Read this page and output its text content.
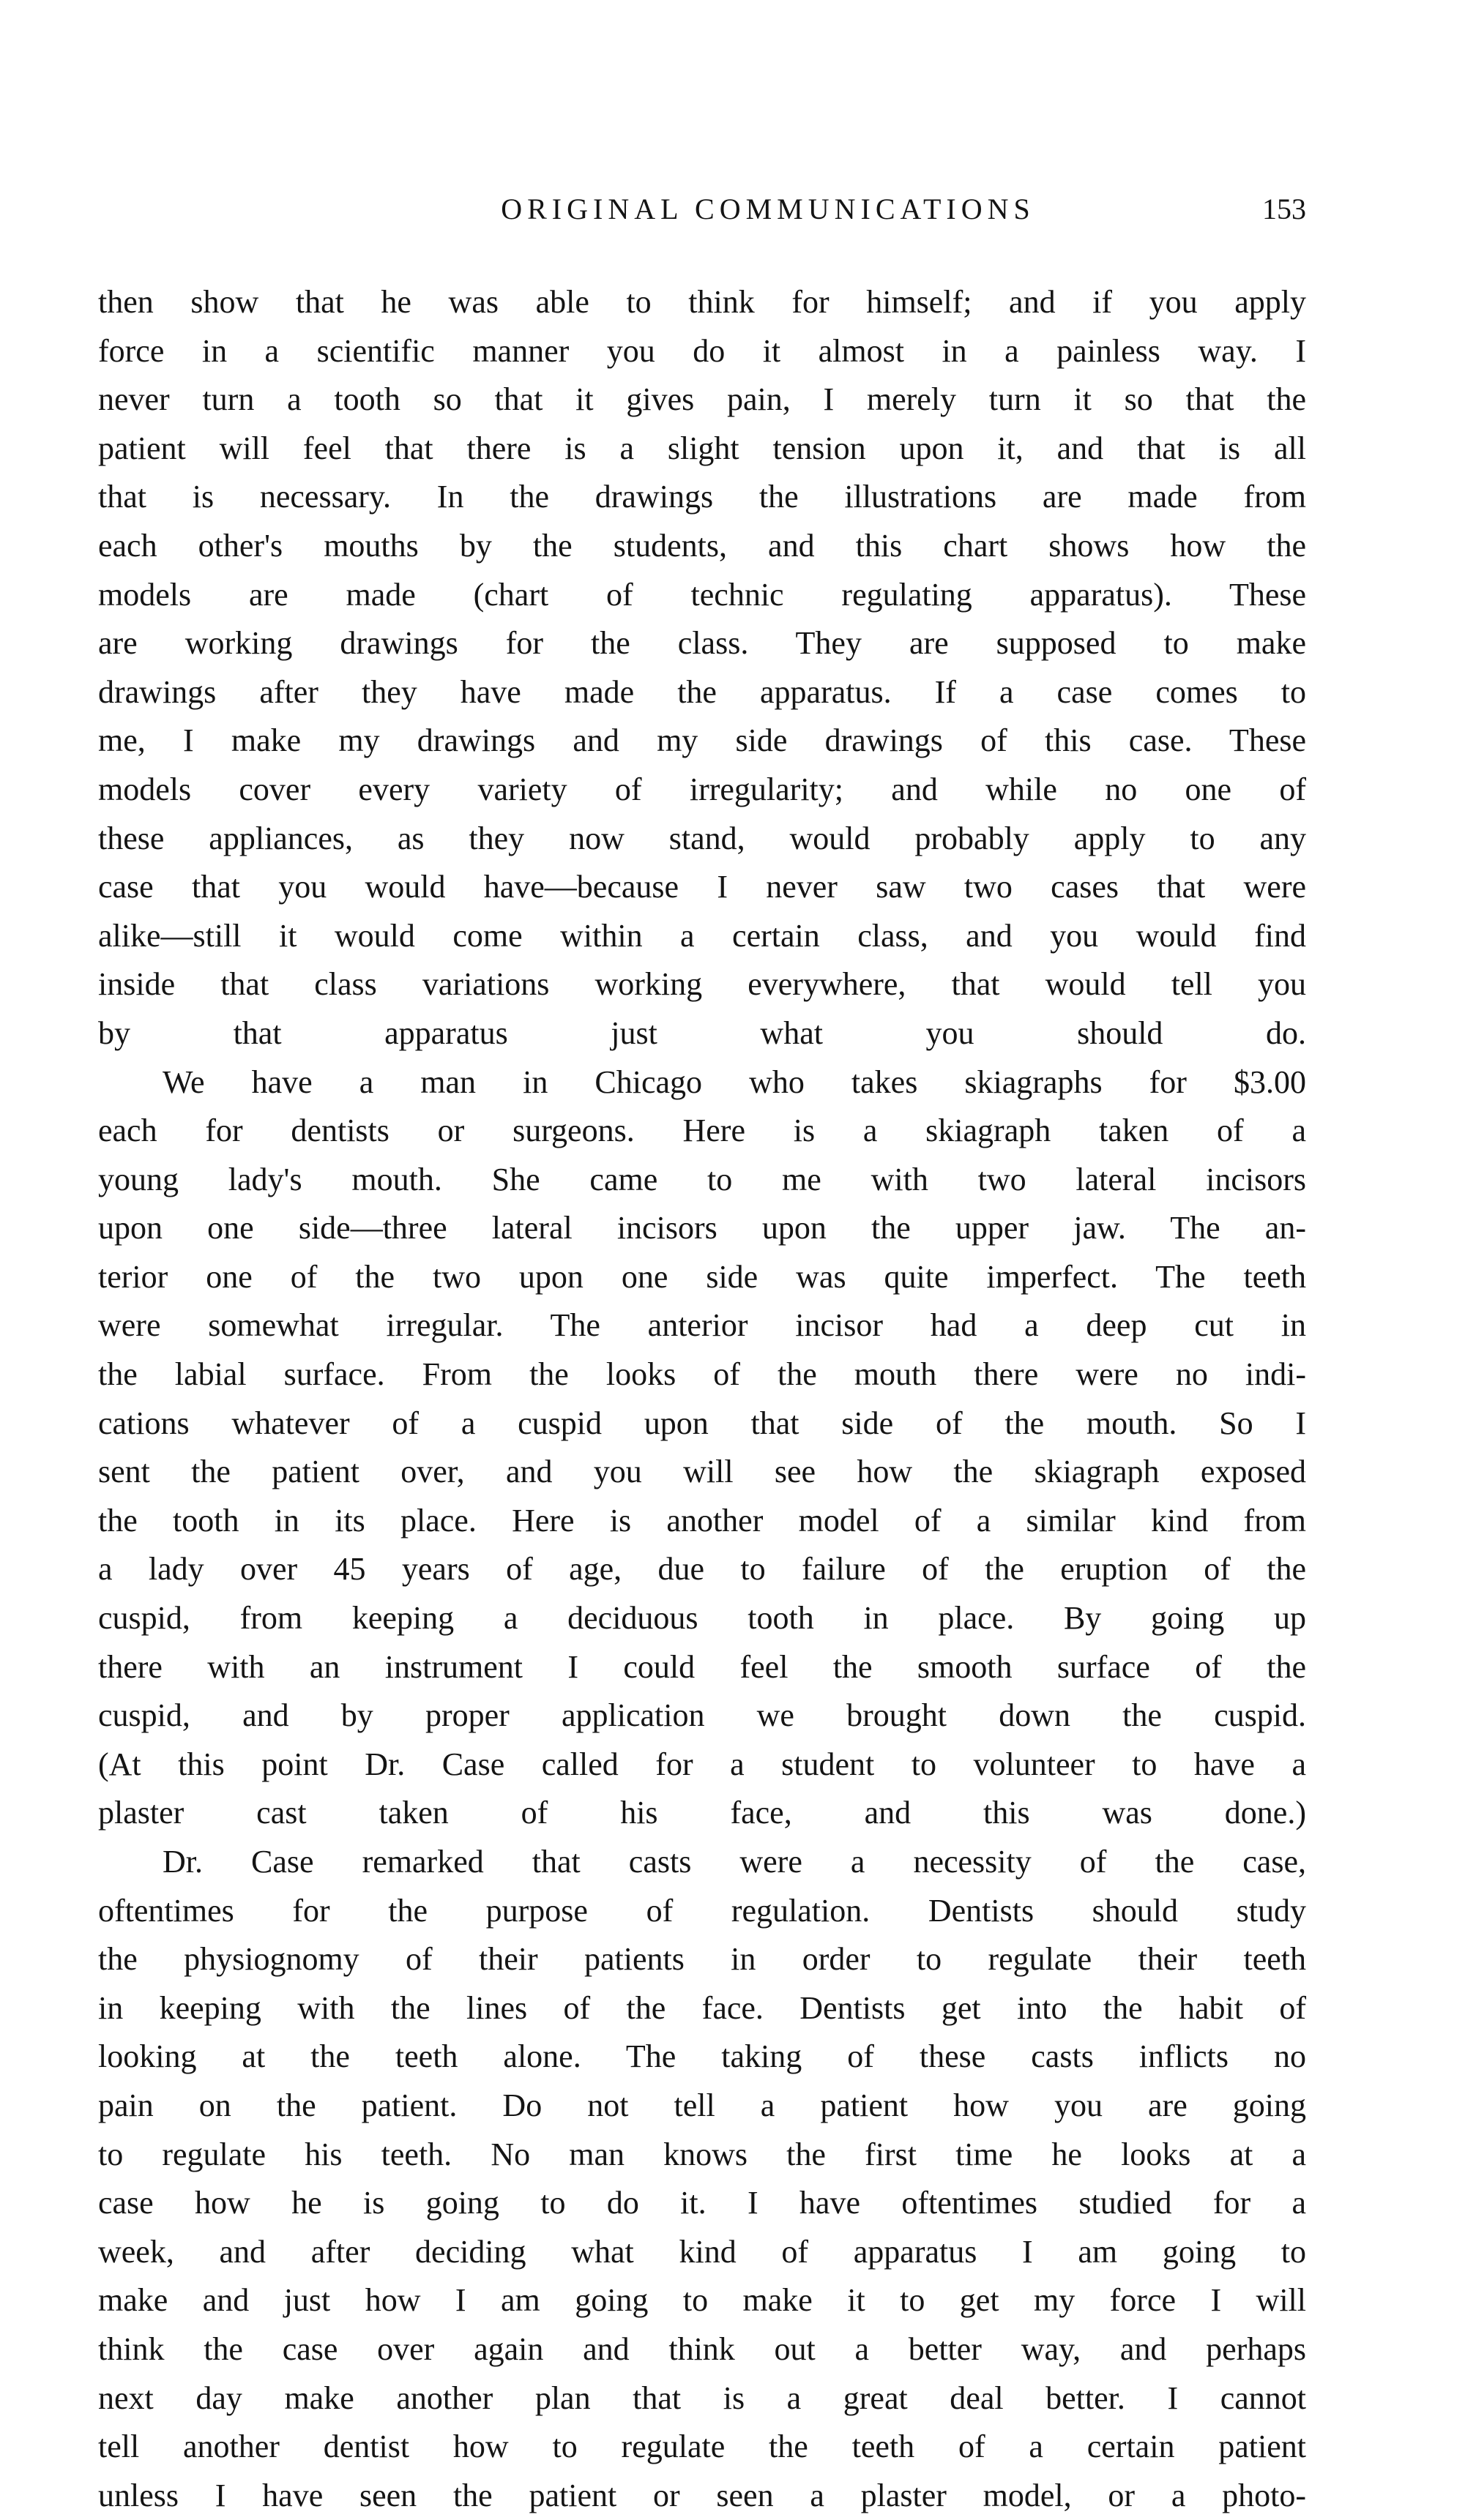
ORIGINAL COMMUNICATIONS	153

then show that he was able to think for himself; and if you apply

force in a scientific manner you do it almost in a painless way. I

never turn a tooth so that it gives pain, I merely turn it so that the

patient will feel that there is a slight tension upon it, and that is all

that is necessary. In the drawings the illustrations are made from

each other's mouths by the students, and this chart shows how the

models are made (chart of technic regulating apparatus). These

are working drawings for the class. They are supposed to make

drawings after they have made the apparatus. If a case comes to

me, I make my drawings and my side drawings of this case. These

models cover every variety of irregularity; and while no one of

these appliances, as they now stand, would probably apply to any

case that you would have—because I never saw two cases that were

alike—still it would come within a certain class, and you would find

inside that class variations working everywhere, that would tell you

by that apparatus just what you should do.

We have a man in Chicago who takes skiagraphs for $3.00

each for dentists or surgeons. Here is a skiagraph taken of a

young lady's mouth. She came to me with two lateral incisors

upon one side—three lateral incisors upon the upper jaw. The an-

terior one of the two upon one side was quite imperfect. The teeth

were somewhat irregular. The anterior incisor had a deep cut in

the labial surface. From the looks of the mouth there were no indi-

cations whatever of a cuspid upon that side of the mouth. So I

sent the patient over, and you will see how the skiagraph exposed

the tooth in its place. Here is another model of a similar kind from

a lady over 45 years of age, due to failure of the eruption of the

cuspid, from keeping a deciduous tooth in place. By going up

there with an instrument I could feel the smooth surface of the

cuspid, and by proper application we brought down the cuspid.

(At this point Dr. Case called for a student to volunteer to have a

plaster cast taken of his face, and this was done.)

Dr. Case remarked that casts were a necessity of the case,

oftentimes for the purpose of regulation. Dentists should study

the physiognomy of their patients in order to regulate their teeth

in keeping with the lines of the face. Dentists get into the habit of

looking at the teeth alone. The taking of these casts inflicts no

pain on the patient. Do not tell a patient how you are going

to regulate his teeth. No man knows the first time he looks at a

case how he is going to do it. I have oftentimes studied for a

week, and after deciding what kind of apparatus I am going to

make and just how I am going to make it to get my force I will

think the case over again and think out a better way, and perhaps

next day make another plan that is a great deal better. I cannot

tell another dentist how to regulate the teeth of a certain patient

unless I have seen the patient or seen a plaster model, or a photo-
